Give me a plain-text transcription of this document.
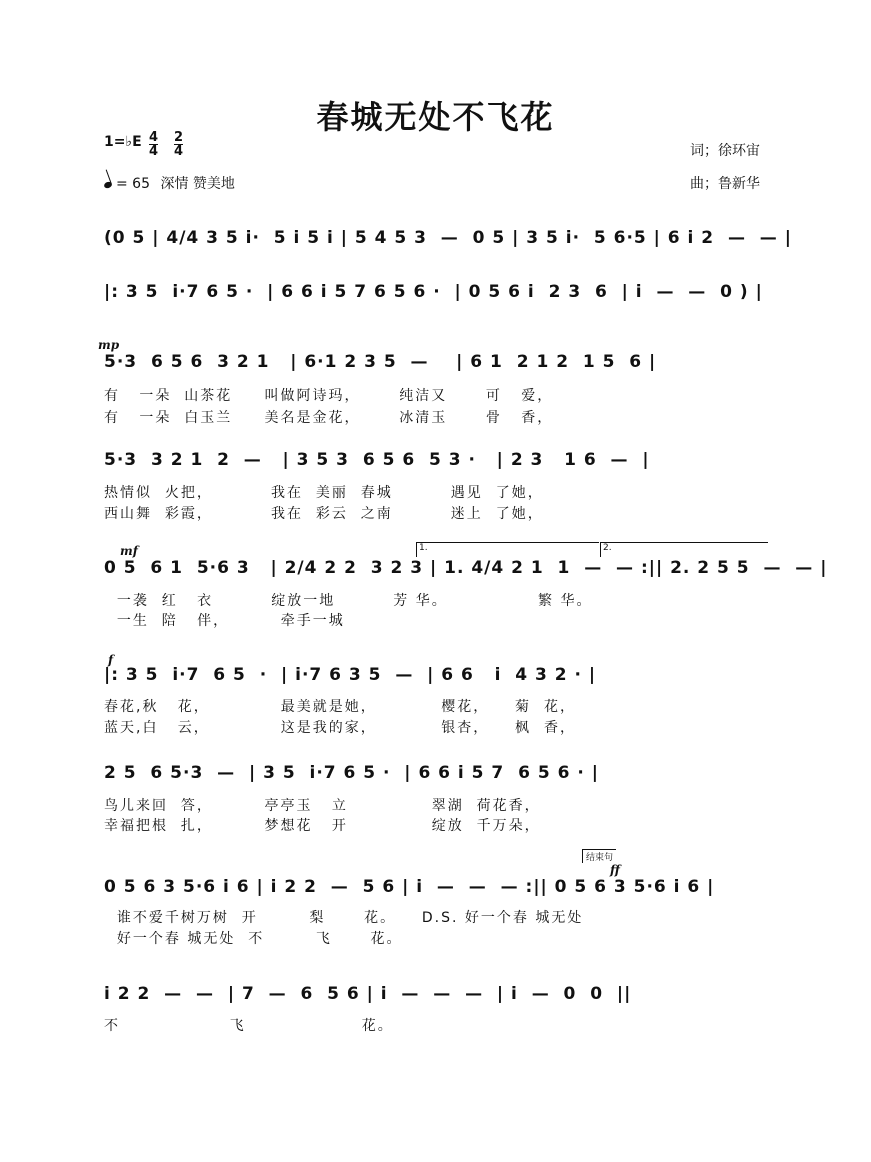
春城无处不飞花
1=♭E 4
4
2
4
= 65 深情 赞美地
词；徐环宙
曲；鲁新华
(0 5 | 4/4 3 5 i·  5 i 5 i | 5 4 5 3  —  0 5 | 3 5 i·  5 6·5 | 6 i 2  —  — |
|: 3 5  i·7 6 5 ·  | 6 6 i 5 7 6 5 6 ·  | 0 5 6 i  2 3  6  | i  —  —  0 ) |
mp
5·3  6 5 6  3 2 1   | 6·1 2 3 5  —    | 6 1  2 1 2  1 5  6 |
有   一朵  山茶花     叫做阿诗玛，      纯洁又      可   爱，
有   一朵  白玉兰     美名是金花，      冰清玉      骨   香，
5·3  3 2 1  2  —   | 3 5 3  6 5 6  5 3 ·   | 2 3   1 6  —  |
热情似  火把，         我在  美丽  春城         遇见  了她，
西山舞  彩霞，         我在  彩云  之南         迷上  了她，
mf	1.	2.
0 5  6 1  5·6 3   | 2/4 2 2  3 2 3 | 1. 4/4 2 1  1  —  — :|| 2. 2 5 5  —  — |
一袭  红   衣         绽放一地         芳 华。              繁 华。
一生  陪   伴，        牵手一城
f
|: 3 5  i·7  6 5  ·  | i·7 6 3 5  —  | 6 6   i  4 3 2 · |
春花,秋   花，           最美就是她，          樱花，    菊  花，
蓝天,白   云，           这是我的家，          银杏，    枫  香，
2 5  6 5·3  —  | 3 5  i·7 6 5 ·  | 6 6 i 5 7  6 5 6 · |
鸟儿来回  答，        亭亭玉   立             翠湖  荷花香，
幸福把根  扎，        梦想花   开             绽放  千万朵，
结束句
ff
0 5 6 3 5·6 i 6 | i 2 2  —  5 6 | i  —  —  — :|| 0 5 6 3 5·6 i 6 |
谁不爱千树万树  开        梨      花。    D.S. 好一个春 城无处
好一个春 城无处  不        飞      花。
i 2 2  —  —  | 7  —  6  5 6 | i  —  —  —  | i  —  0  0  ||
不                 飞                  花。
